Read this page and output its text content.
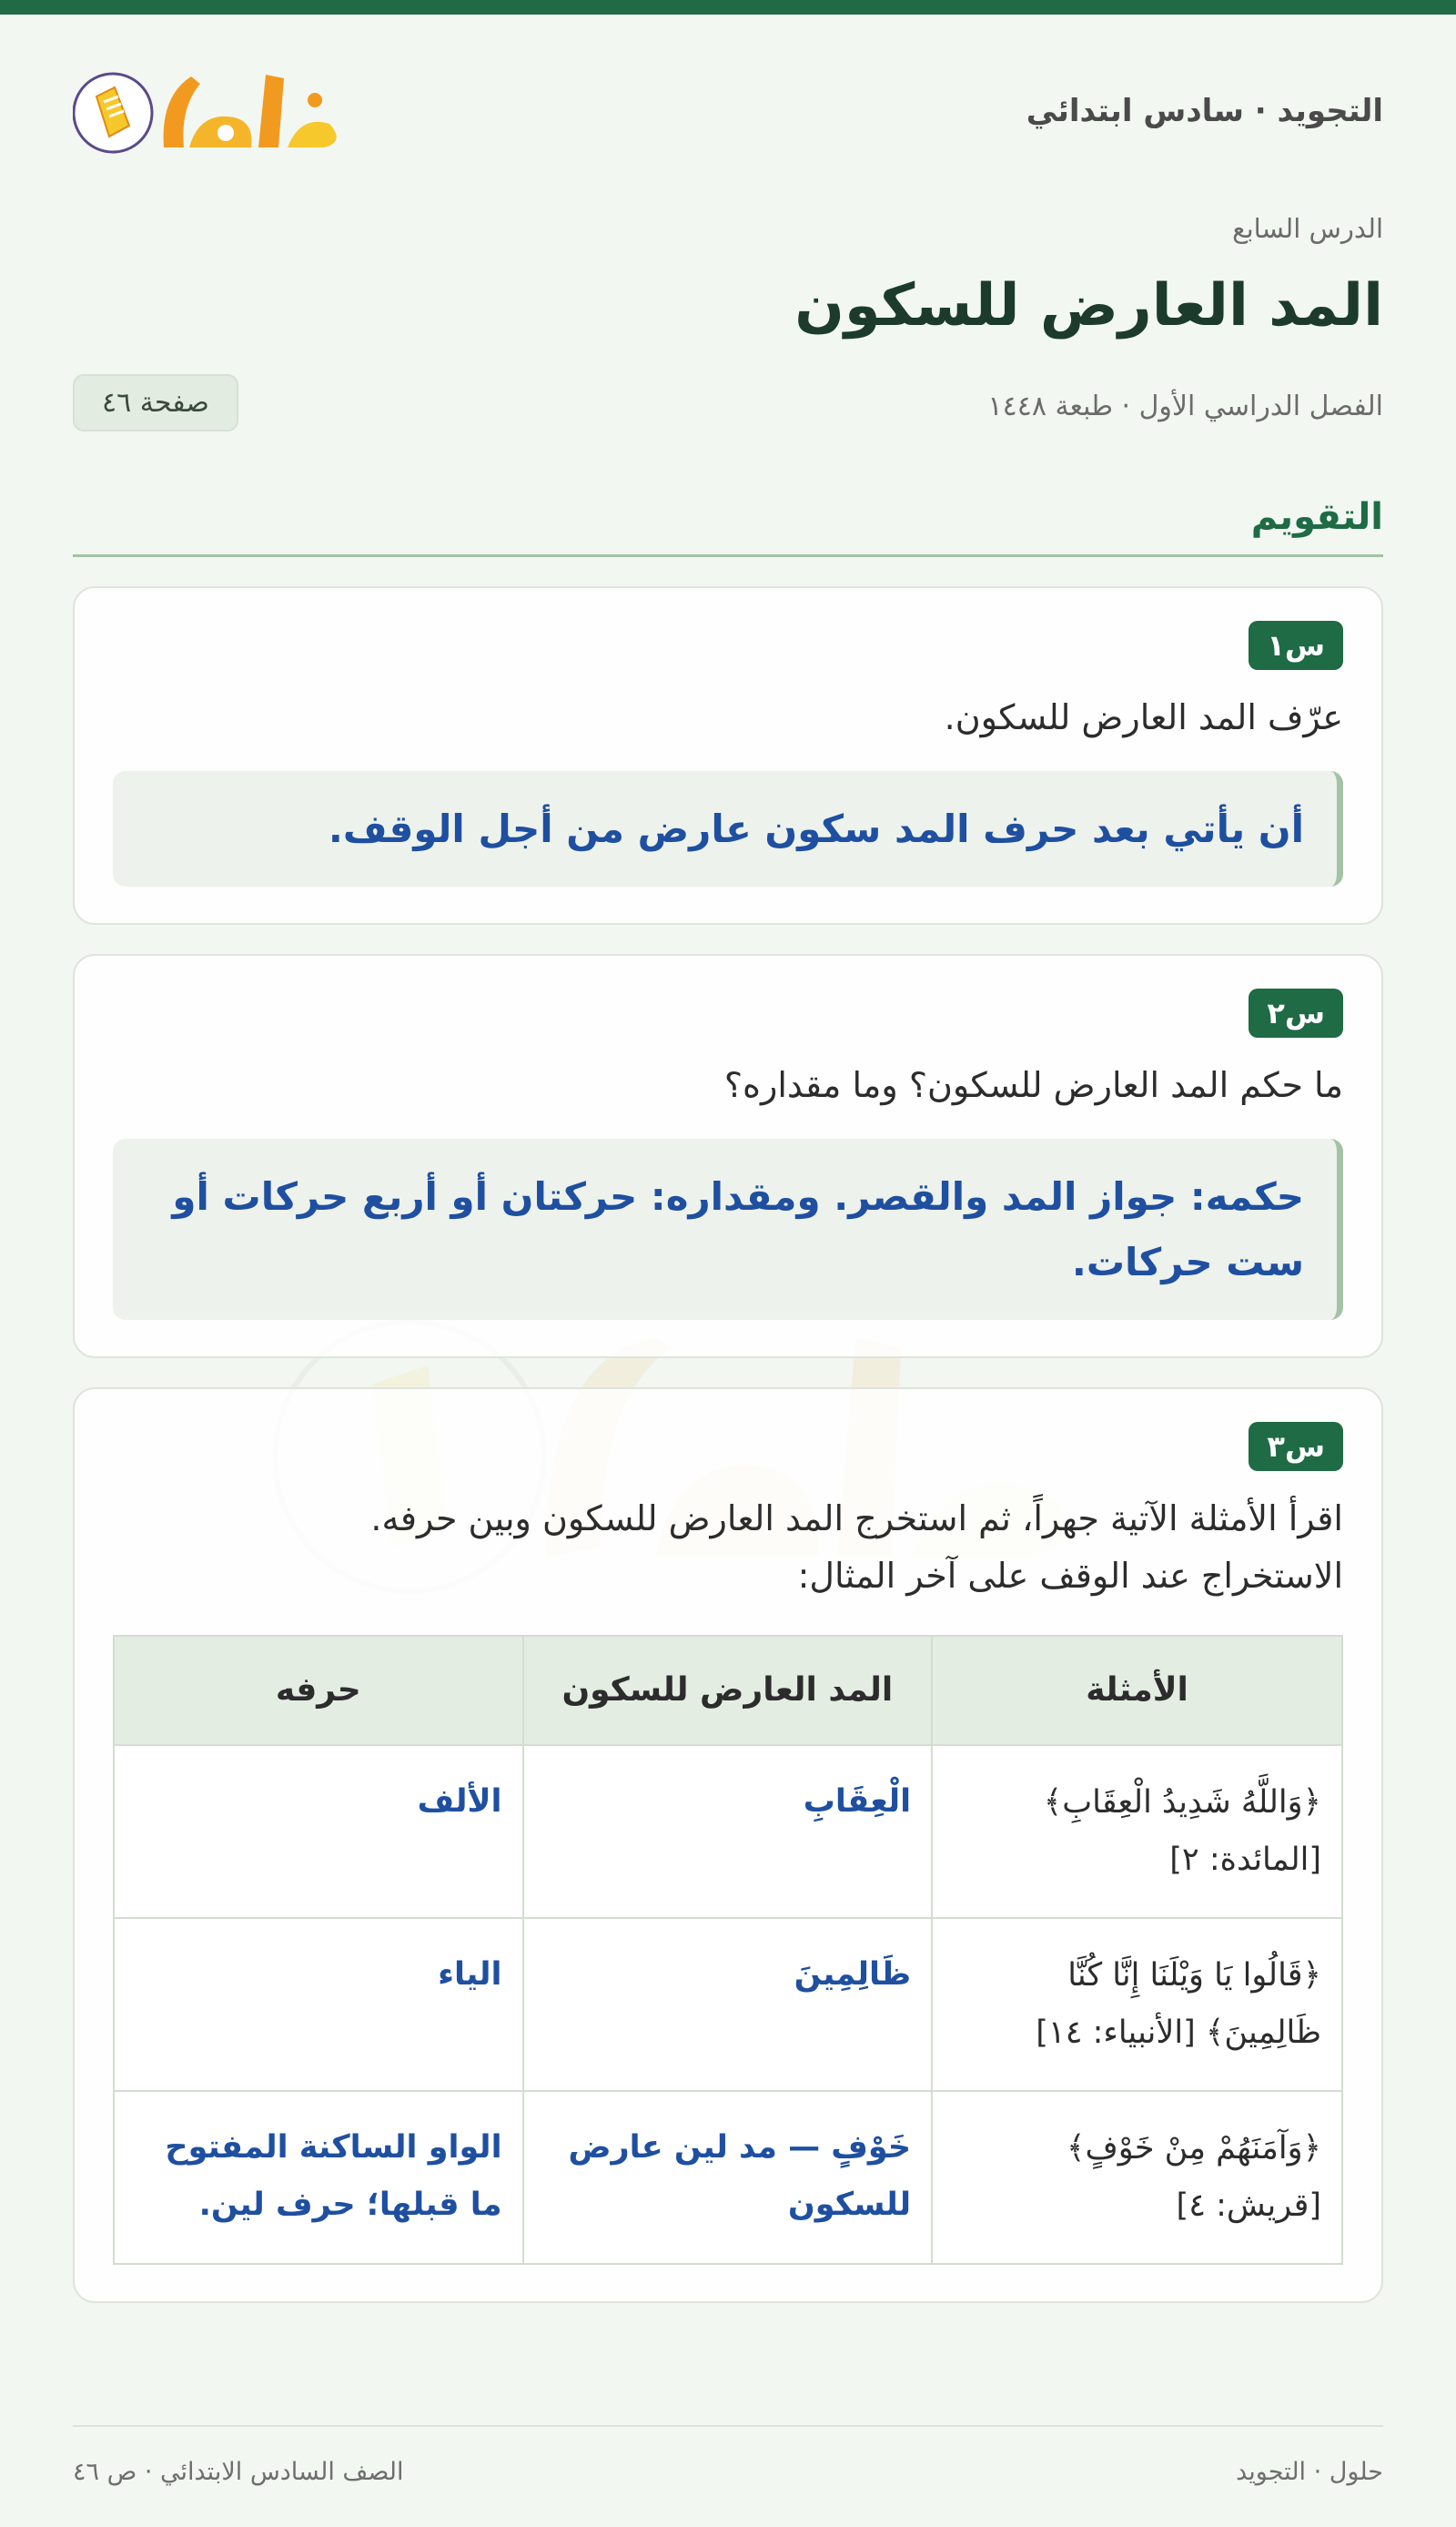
التجويد · سادس ابتدائي
الدرس السابع
المد العارض للسكون
الفصل الدراسي الأول · طبعة ١٤٤٨
صفحة ٤٦
التقويم
س١
عرّف المد العارض للسكون.
أن يأتي بعد حرف المد سكون عارض من أجل الوقف.
س٢
ما حكم المد العارض للسكون؟ وما مقداره؟
حكمه: جواز المد والقصر. ومقداره: حركتان أو أربع حركات أو ست حركات.
س٣
اقرأ الأمثلة الآتية جهراً، ثم استخرج المد العارض للسكون وبين حرفه.
الاستخراج عند الوقف على آخر المثال:
الأمثلة	المد العارض للسكون	حرفه
﴿وَاللَّهُ شَدِيدُ الْعِقَابِ﴾ [المائدة: ٢]	الْعِقَابِ	الألف
﴿قَالُوا يَا وَيْلَنَا إِنَّا كُنَّا ظَالِمِينَ﴾ [الأنبياء: ١٤]	ظَالِمِينَ	الياء
﴿وَآمَنَهُمْ مِنْ خَوْفٍ﴾ [قريش: ٤]	خَوْفٍ — مد لين عارض للسكون	الواو الساكنة المفتوح ما قبلها؛ حرف لين.
حلول · التجويد
الصف السادس الابتدائي · ص ٤٦
